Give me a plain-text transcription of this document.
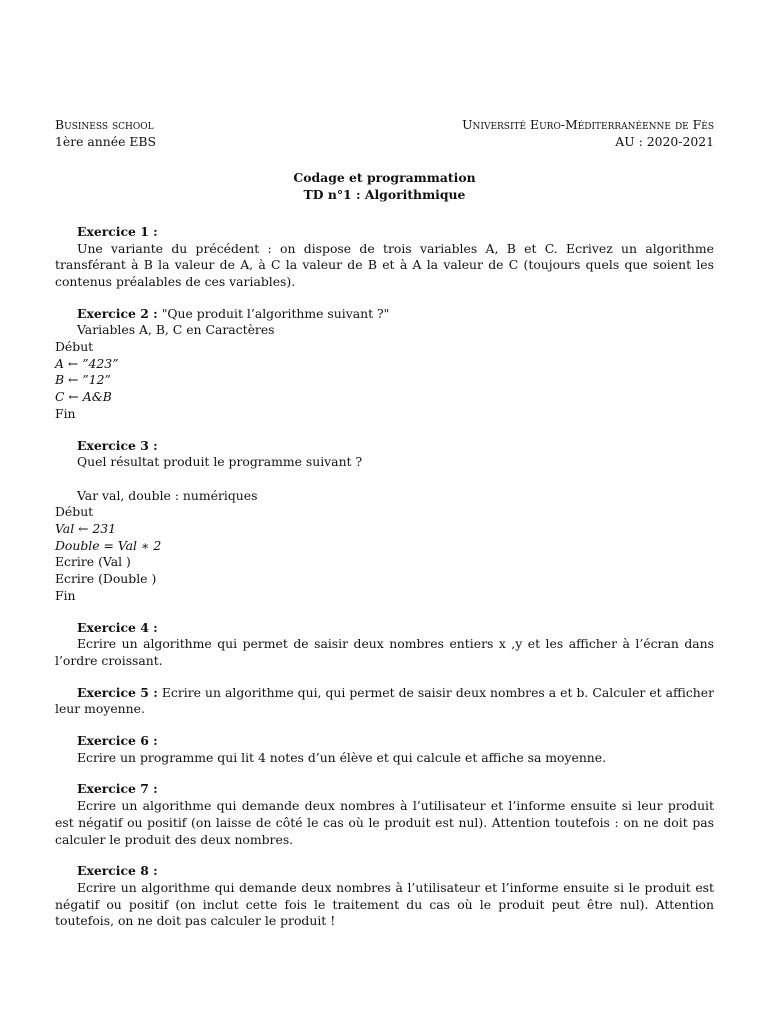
Business school	Université Euro-Méditerranéenne de Fès
1ère année EBS	AU : 2020-2021
Codage et programmation
TD n°1 : Algorithmique

Exercice 1 :

Une variante du précédent : on dispose de trois variables A, B et C. Ecrivez un algorithme transférant à B la valeur de A, à C la valeur de B et à A la valeur de C (toujours quels que soient les contenus préalables de ces variables).

Exercice 2 : "Que produit l’algorithme suivant ?"

Variables A, B, C en Caractères

Début

A ← ”423”

B ← ”12”

C ← A&B

Fin

Exercice 3 :

Quel résultat produit le programme suivant ?

Var val, double : numériques

Début

Val ← 231

Double = Val ∗ 2

Ecrire (Val )

Ecrire (Double )

Fin

Exercice 4 :

Ecrire un algorithme qui permet de saisir deux nombres entiers x ,y et les afficher à l’écran dans l’ordre croissant.

Exercice 5 : Ecrire un algorithme qui, qui permet de saisir deux nombres a et b. Calculer et afficher leur moyenne.

Exercice 6 :

Ecrire un programme qui lit 4 notes d’un élève et qui calcule et affiche sa moyenne.

Exercice 7 :

Ecrire un algorithme qui demande deux nombres à l’utilisateur et l’informe ensuite si leur produit est négatif ou positif (on laisse de côté le cas où le produit est nul). Attention toutefois : on ne doit pas calculer le produit des deux nombres.

Exercice 8 :

Ecrire un algorithme qui demande deux nombres à l’utilisateur et l’informe ensuite si le produit est négatif ou positif (on inclut cette fois le traitement du cas où le produit peut être nul). Attention toutefois, on ne doit pas calculer le produit !
